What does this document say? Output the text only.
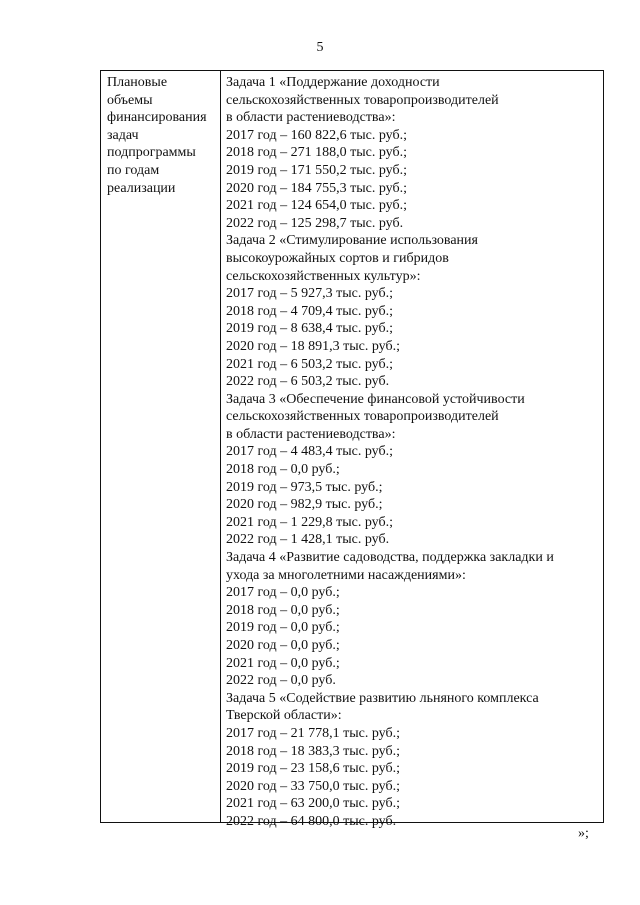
5
Плановые
объемы
финансирования
задач
подпрограммы
по годам
реализации
Задача 1 «Поддержание доходности
сельскохозяйственных товаропроизводителей
в области растениеводства»:
2017 год – 160 822,6 тыс. руб.;
2018 год – 271 188,0 тыс. руб.;
2019 год – 171 550,2 тыс. руб.;
2020 год – 184 755,3 тыс. руб.;
2021 год – 124 654,0 тыс. руб.;
2022 год – 125 298,7 тыс. руб.
Задача 2 «Стимулирование использования
высокоурожайных сортов и гибридов
сельскохозяйственных культур»:
2017 год – 5 927,3 тыс. руб.;
2018 год – 4 709,4 тыс. руб.;
2019 год – 8 638,4 тыс. руб.;
2020 год – 18 891,3 тыс. руб.;
2021 год – 6 503,2 тыс. руб.;
2022 год – 6 503,2 тыс. руб.
Задача 3 «Обеспечение финансовой устойчивости
сельскохозяйственных товаропроизводителей
в области растениеводства»:
2017 год – 4 483,4 тыс. руб.;
2018 год – 0,0 руб.;
2019 год – 973,5 тыс. руб.;
2020 год – 982,9 тыс. руб.;
2021 год – 1 229,8 тыс. руб.;
2022 год – 1 428,1 тыс. руб.
Задача 4 «Развитие садоводства, поддержка закладки и
ухода за многолетними насаждениями»:
2017 год – 0,0 руб.;
2018 год – 0,0 руб.;
2019 год – 0,0 руб.;
2020 год – 0,0 руб.;
2021 год – 0,0 руб.;
2022 год – 0,0 руб.
Задача 5 «Содействие развитию льняного комплекса
Тверской области»:
2017 год – 21 778,1 тыс. руб.;
2018 год – 18 383,3 тыс. руб.;
2019 год – 23 158,6 тыс. руб.;
2020 год – 33 750,0 тыс. руб.;
2021 год – 63 200,0 тыс. руб.;
2022 год – 64 800,0 тыс. руб.
»;
